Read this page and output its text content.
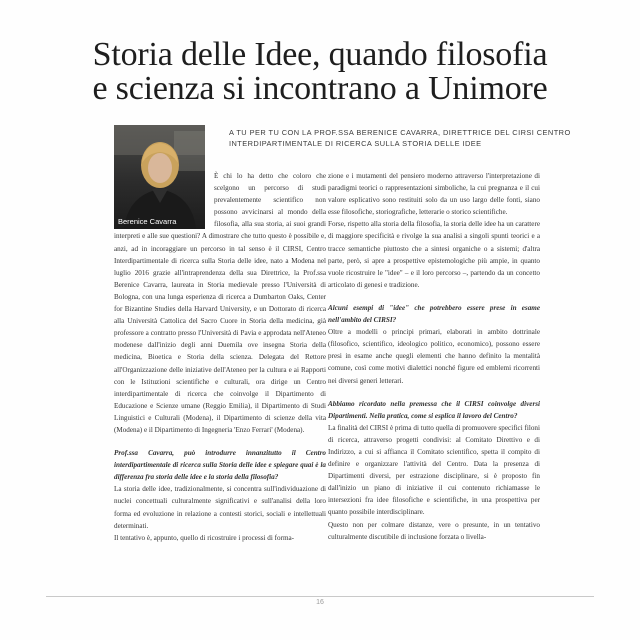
Storia delle Idee, quando filosofia
e scienza si incontrano a Unimore
A TU PER TU CON LA PROF.SSA BERENICE CAVARRA, DIRETTRICE DEL CIRSI CENTRO INTERDIPARTIMENTALE DI RICERCA SULLA STORIA DELLE IDEE
Berenice Cavarra

È chi lo ha detto che coloro che scelgono un percorso di studi prevalentemente scientifico non possono avvicinarsi al mondo della filosofia, alla sua storia, ai suoi grandi interpreti e alle sue questioni? A dimostrare che tutto questo è possibile e, anzi, ad in incoraggiare un percorso in tal senso è il CIRSI, Centro Interdipartimentale di ricerca sulla Storia delle idee, nato a Modena nel luglio 2016 grazie all'intraprendenza della sua Direttrice, la Prof.ssa Berenice Cavarra, laureata in Storia medievale presso l'Università di Bologna, con una lunga esperienza di ricerca a Dumbarton Oaks, Center for Bizantine Studies della Harvard University, e un Dottorato di ricerca alla Università Cattolica del Sacro Cuore in Storia della medicina, già professore a contratto presso l'Università di Pavia e approdata nell'Ateneo modenese dall'inizio degli anni Duemila ove insegna Storia della medicina, Bioetica e Storia della scienza. Delegata del Rettore all'Organizzazione delle iniziative dell'Ateneo per la cultura e ai Rapporti con le Istituzioni scientifiche e culturali, ora dirige un Centro interdipartimentale di ricerca che coinvolge il Dipartimento di Educazione e Scienze umane (Reggio Emilia), il Dipartimento di Studi Linguistici e Culturali (Modena), il Dipartimento di scienze della vita (Modena) e il Dipartimento di Ingegneria 'Enzo Ferrari' (Modena).

Prof.ssa Cavarra, può introdurre innanzitutto il Centro interdipartimentale di ricerca sulla Storia delle idee e spiegare quai è la differenza fra storia delle idee e la storia della filosofia?

La storia delle idee, tradizionalmente, si concentra sull'individuazione di nuclei concettuali culturalmente significativi e sull'analisi della loro forma ed evoluzione in relazione a contesti storici, sociali e intellettuali determinati.

Il tentativo è, appunto, quello di ricostruire i processi di forma-

zione e i mutamenti del pensiero moderno attraverso l'interpretazione di paradigmi teorici o rappresentazioni simboliche, la cui pregnanza e il cui valore esplicativo sono restituiti solo da un uso largo delle fonti, siano esse filosofiche, storiografiche, letterarie o storico scientifiche.

Forse, rispetto alla storia della filosofia, la storia delle idee ha un carattere di maggiore specificità e rivolge la sua analisi a singoli spunti teorici e a tracce semantiche piuttosto che a sintesi organiche o a sistemi; d'altra parte, però, si apre a prospettive epistemologiche più ampie, in quanto vuole ricostruire le "idee" – e il loro percorso –, partendo da un concetto articolato di genesi e tradizione.

Alcuni esempi di "idee" che potrebbero essere prese in esame nell'ambito del CIRSI?

Oltre a modelli o principi primari, elaborati in ambito dottrinale (filosofico, scientifico, ideologico politico, economico), possono essere presi in esame anche quegli elementi che hanno definito la mentalità comune, così come motivi dialettici nonché figure ed emblemi ricorrenti nei diversi generi letterari.

Abbiamo ricordato nella premessa che il CIRSI coinvolge diversi Dipartimenti. Nella pratica, come si esplica il lavoro del Centro?

La finalità del CIRSI è prima di tutto quella di promuovere specifici filoni di ricerca, attraverso progetti condivisi: al Comitato Direttivo e di Indirizzo, a cui si affianca il Comitato scientifico, spetta il compito di definire e organizzare l'attività del Centro. Data la presenza di Dipartimenti diversi, per estrazione disciplinare, si è proposto fin dall'inizio un piano di iniziative il cui contenuto richiamasse le intersezioni fra idee filosofiche e scientifiche, in una prospettiva per quanto possibile interdisciplinare.

Questo non per colmare distanze, vere o presunte, in un tentativo culturalmente discutibile di inclusione forzata o livella-

16
